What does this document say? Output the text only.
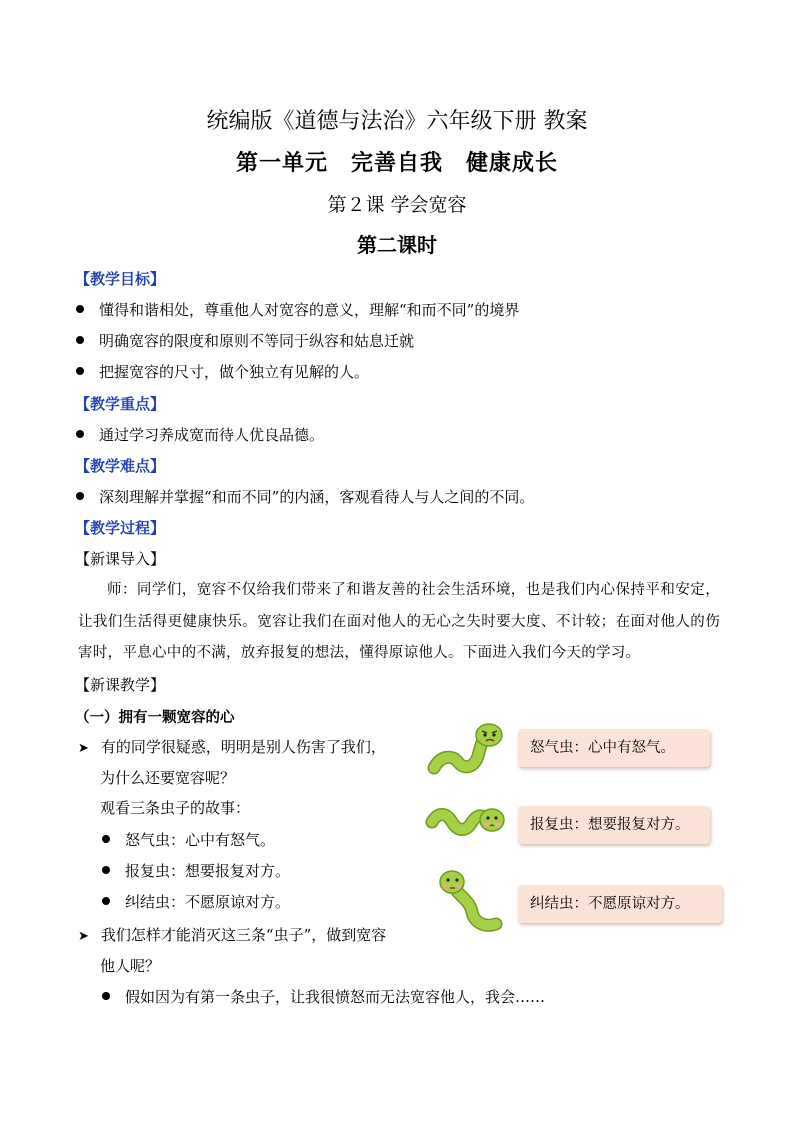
统编版《道德与法治》六年级下册 教案
第一单元　完善自我　健康成长
第２课 学会宽容
第二课时
【教学目标】
懂得和谐相处，尊重他人对宽容的意义，理解“和而不同”的境界
明确宽容的限度和原则不等同于纵容和姑息迁就
把握宽容的尺寸，做个独立有见解的人。
【教学重点】
通过学习养成宽而待人优良品德。
【教学难点】
深刻理解并掌握“和而不同”的内涵，客观看待人与人之间的不同。
【教学过程】
【新课导入】

师：同学们，宽容不仅给我们带来了和谐友善的社会生活环境，也是我们内心保持平和安定，让我们生活得更健康快乐。宽容让我们在面对他人的无心之失时要大度、不计较；在面对他人的伤害时，平息心中的不满，放弃报复的想法，懂得原谅他人。下面进入我们今天的学习。

【新课教学】
（一）拥有一颗宽容的心
➤ 有的同学很疑惑，明明是别人伤害了我们，
为什么还要宽容呢？
观看三条虫子的故事：
怒气虫：心中有怒气。
报复虫：想要报复对方。
纠结虫：不愿原谅对方。
➤ 我们怎样才能消灭这三条“虫子”，做到宽容
他人呢？
假如因为有第一条虫子，让我很愤怒而无法宽容他人，我会……
怒气虫：心中有怒气。
报复虫：想要报复对方。
纠结虫：不愿原谅对方。
